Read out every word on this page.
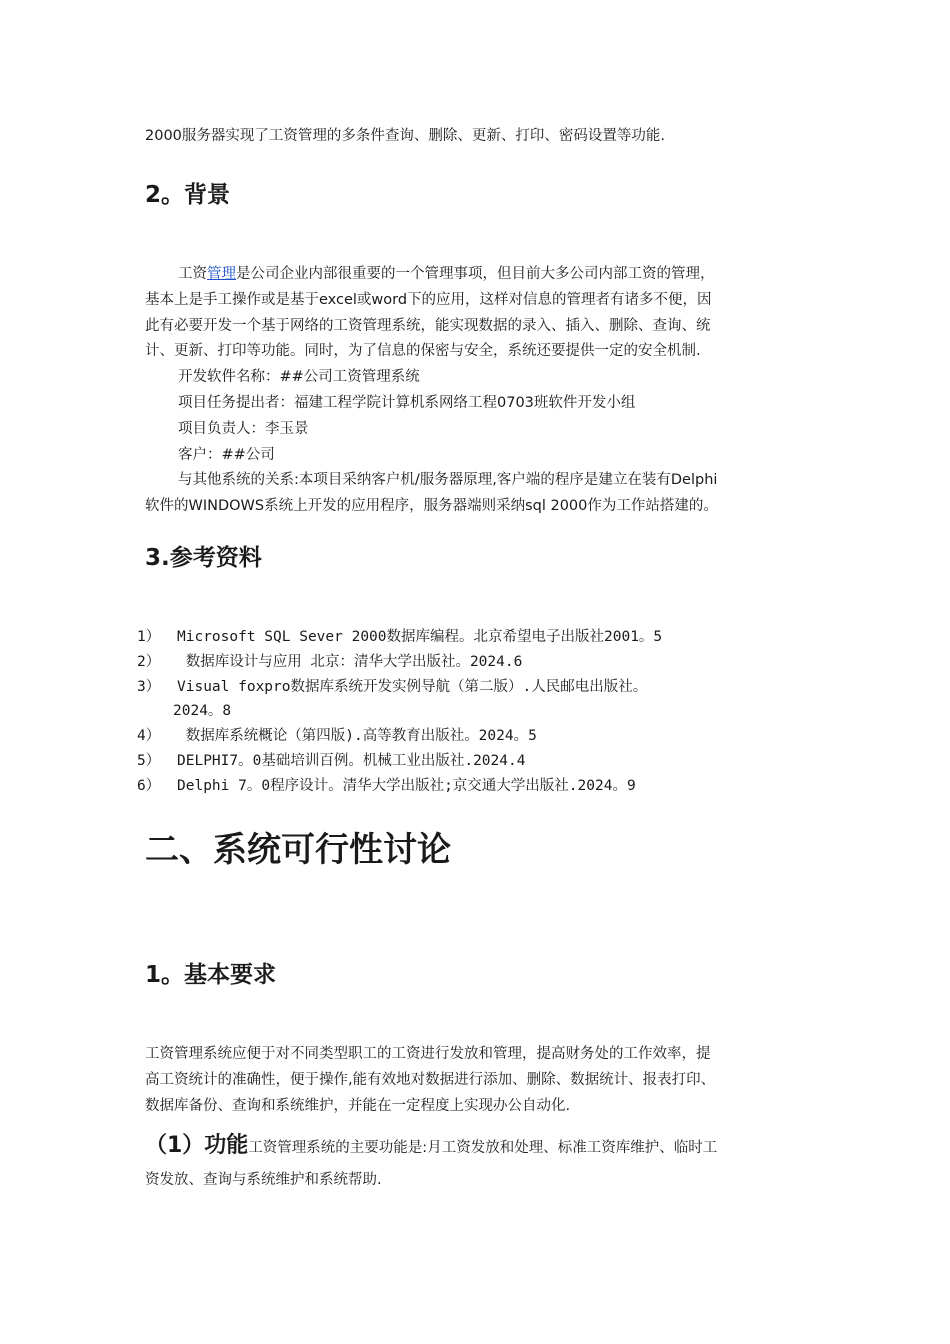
2000服务器实现了工资管理的多条件查询、删除、更新、打印、密码设置等功能.
2。背景
工资管理是公司企业内部很重要的一个管理事项，但目前大多公司内部工资的管理，
基本上是手工操作或是基于excel或word下的应用，这样对信息的管理者有诸多不便，因
此有必要开发一个基于网络的工资管理系统，能实现数据的录入、插入、删除、查询、统
计、更新、打印等功能。同时，为了信息的保密与安全，系统还要提供一定的安全机制.
开发软件名称：##公司工资管理系统
项目任务提出者：福建工程学院计算机系网络工程0703班软件开发小组
项目负责人：李玉景
客户：##公司
与其他系统的关系:本项目采纳客户机/服务器原理,客户端的程序是建立在装有Delphi
软件的WINDOWS系统上开发的应用程序，服务器端则采纳sql 2000作为工作站搭建的。
3.参考资料
1） Microsoft SQL Sever 2000数据库编程。北京希望电子出版社2001。5
2） 数据库设计与应用 北京：清华大学出版社。2024.6
3） Visual foxpro数据库系统开发实例导航（第二版）.人民邮电出版社。
2024。8
4） 数据库系统概论（第四版).高等教育出版社。2024。5
5） DELPHI7。0基础培训百例。机械工业出版社.2024.4
6） Delphi 7。0程序设计。清华大学出版社;京交通大学出版社.2024。9
二、系统可行性讨论
1。基本要求
工资管理系统应便于对不同类型职工的工资进行发放和管理，提高财务处的工作效率，提
高工资统计的准确性，便于操作,能有效地对数据进行添加、删除、数据统计、报表打印、
数据库备份、查询和系统维护，并能在一定程度上实现办公自动化.
（1）功能工资管理系统的主要功能是:月工资发放和处理、标准工资库维护、临时工
资发放、查询与系统维护和系统帮助.
